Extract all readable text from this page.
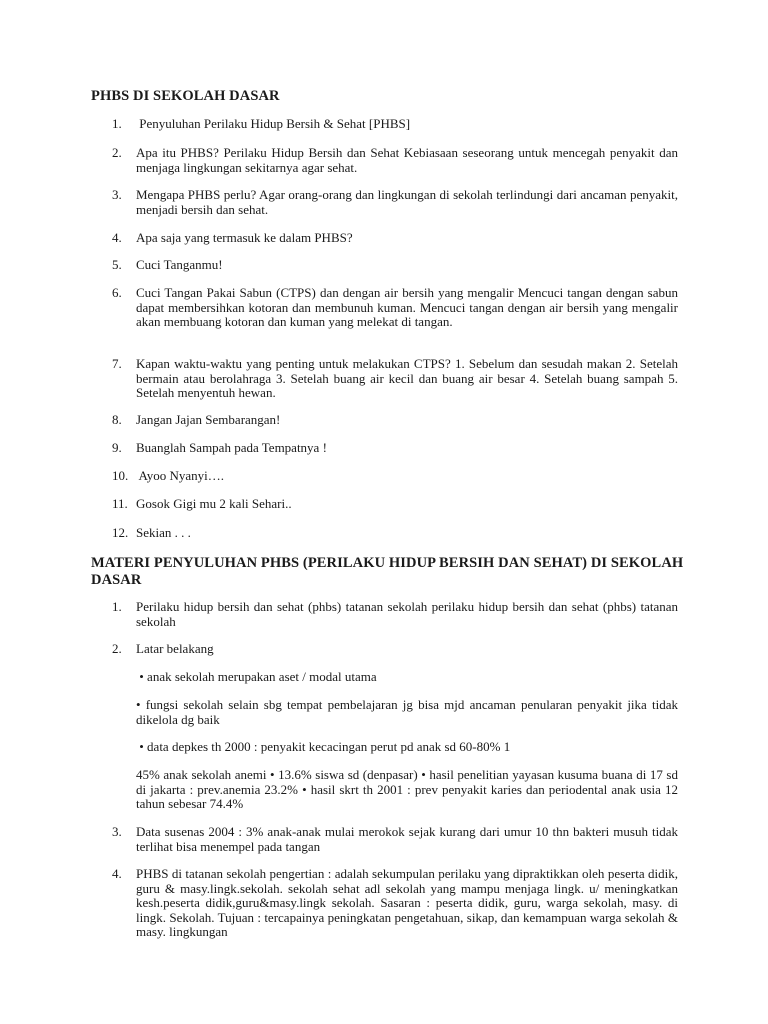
PHBS DI SEKOLAH DASAR
1.	Penyuluhan Perilaku Hidup Bersih & Sehat [PHBS]
2.	Apa itu PHBS? Perilaku Hidup Bersih dan Sehat Kebiasaan seseorang untuk mencegah penyakit dan menjaga lingkungan sekitarnya agar sehat.
3.	Mengapa PHBS perlu? Agar orang-orang dan lingkungan di sekolah terlindungi dari ancaman penyakit, menjadi bersih dan sehat.
4.	Apa saja yang termasuk ke dalam PHBS?
5.	Cuci Tanganmu!
6.	Cuci Tangan Pakai Sabun (CTPS) dan dengan air bersih yang mengalir Mencuci tangan dengan sabun dapat membersihkan kotoran dan membunuh kuman. Mencuci tangan dengan air bersih yang mengalir akan membuang kotoran dan kuman yang melekat di tangan.
7.	Kapan waktu-waktu yang penting untuk melakukan CTPS? 1. Sebelum dan sesudah makan 2. Setelah bermain atau berolahraga 3. Setelah buang air kecil dan buang air besar 4. Setelah buang sampah 5. Setelah menyentuh hewan.
8.	Jangan Jajan Sembarangan!
9.	Buanglah Sampah pada Tempatnya !
10. Ayoo Nyanyi….
11. Gosok Gigi mu 2 kali Sehari..
12. Sekian . . .
MATERI PENYULUHAN PHBS (PERILAKU HIDUP BERSIH DAN SEHAT) DI SEKOLAH DASAR
1.	Perilaku hidup bersih dan sehat (phbs) tatanan sekolah perilaku hidup bersih dan sehat (phbs) tatanan sekolah
2.	Latar belakang
• anak sekolah merupakan aset / modal utama
• fungsi sekolah selain sbg tempat pembelajaran jg bisa mjd ancaman penularan penyakit jika tidak dikelola dg baik
• data depkes th 2000 : penyakit kecacingan perut pd anak sd 60-80% 1
45% anak sekolah anemi • 13.6% siswa sd (denpasar) • hasil penelitian yayasan kusuma buana di 17 sd di jakarta : prev.anemia 23.2% • hasil skrt th 2001 : prev penyakit karies dan periodental anak usia 12 tahun sebesar 74.4%
3.	Data susenas 2004 : 3% anak-anak mulai merokok sejak kurang dari umur 10 thn bakteri musuh tidak terlihat bisa menempel pada tangan
4.	PHBS di tatanan sekolah pengertian : adalah sekumpulan perilaku yang dipraktikkan oleh peserta didik, guru & masy.lingk.sekolah. sekolah sehat adl sekolah yang mampu menjaga lingk. u/ meningkatkan kesh.peserta didik,guru&masy.lingk sekolah. Sasaran : peserta didik, guru, warga sekolah, masy. di lingk. Sekolah. Tujuan : tercapainya peningkatan pengetahuan, sikap, dan kemampuan warga sekolah & masy. lingkungan
